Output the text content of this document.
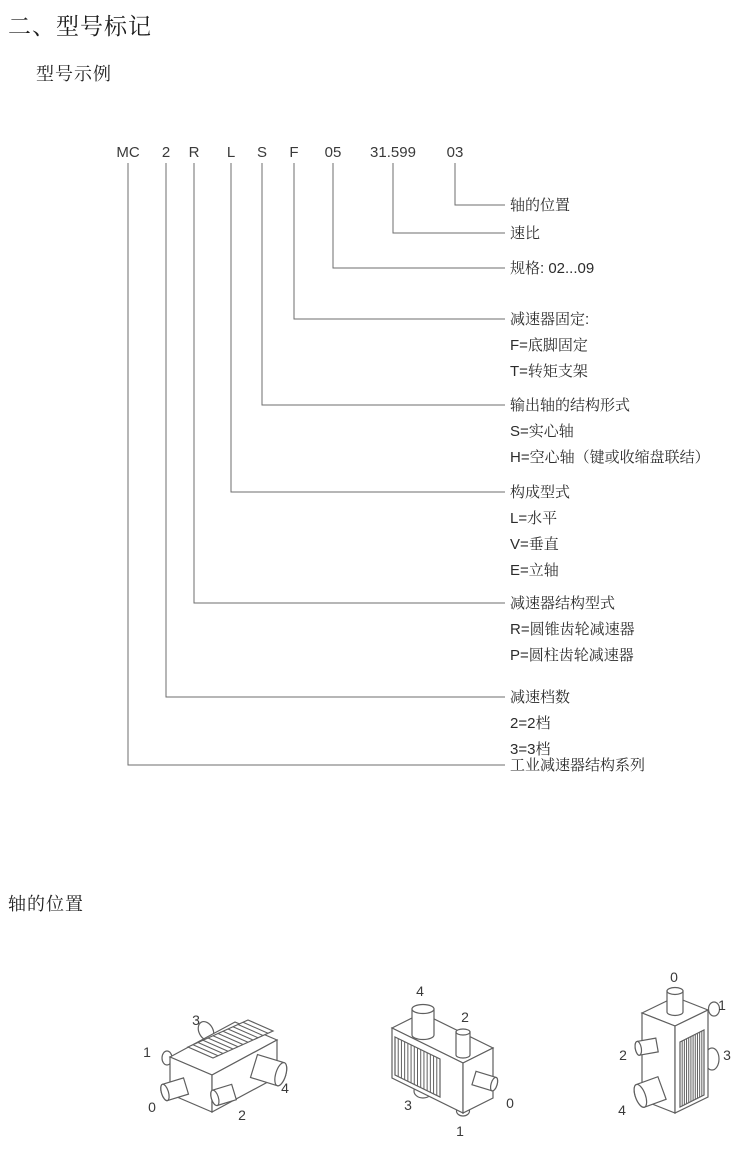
二、型号标记
型号示例
MC
工业减速器结构系列
2
减速档数
2=2档
3=3档
R
减速器结构型式
R=圆锥齿轮减速器
P=圆柱齿轮减速器
L
构成型式
L=水平
V=垂直
E=立轴
S
输出轴的结构形式
S=实心轴
H=空心轴（键或收缩盘联结）
F
减速器固定:
F=底脚固定
T=转矩支架
05
规格: 02...09
31.599
速比
03
轴的位置
轴的位置
3
1
0	2
4
4
2
3	0
1
0
1
2	3
4
